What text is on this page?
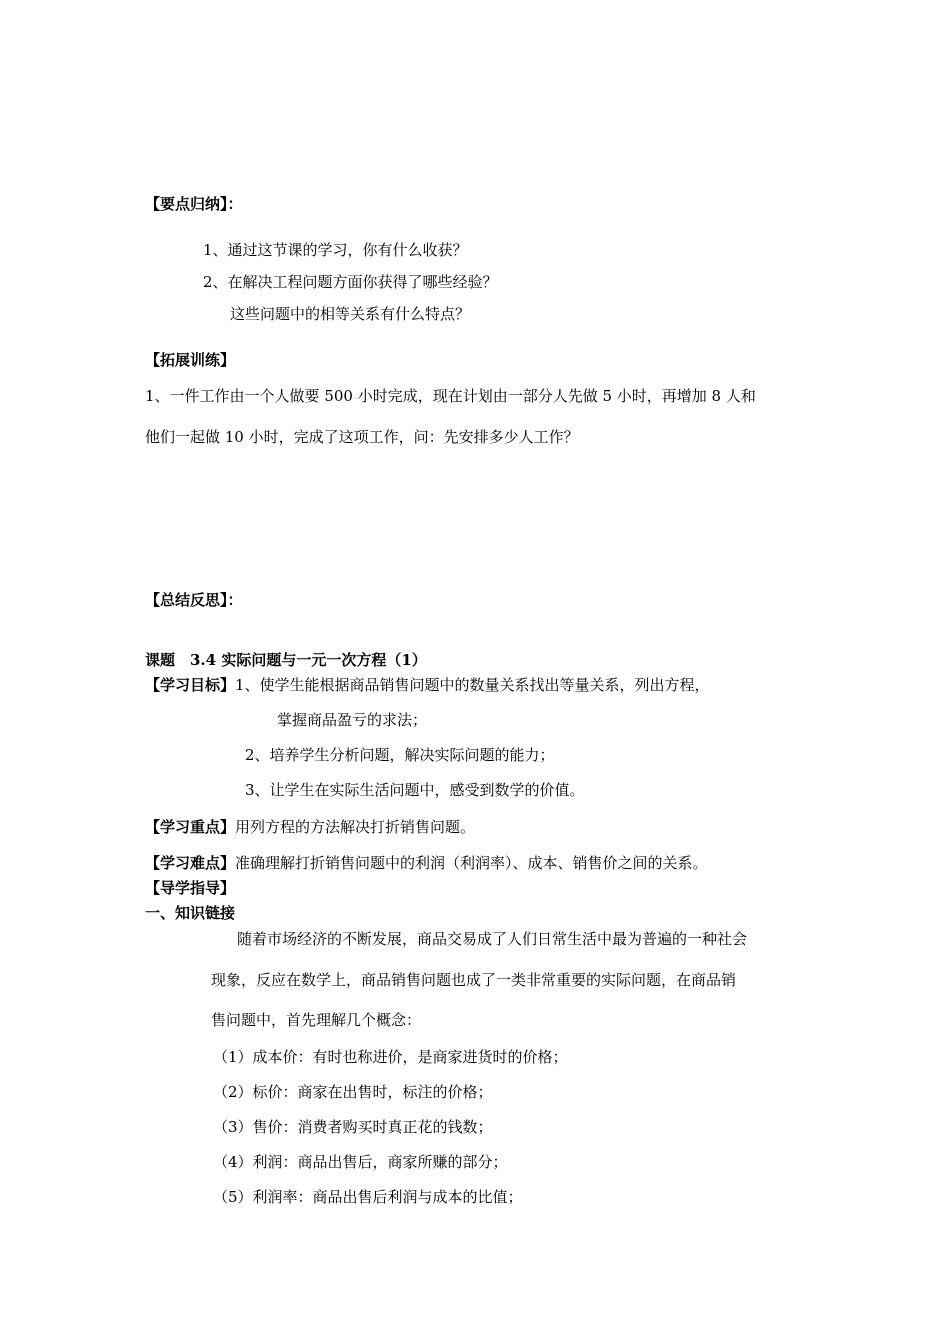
【要点归纳】：
1、通过这节课的学习，你有什么收获？
2、在解决工程问题方面你获得了哪些经验？
这些问题中的相等关系有什么特点？
【拓展训练】
1、一件工作由一个人做要 500 小时完成，现在计划由一部分人先做 5 小时，再增加 8 人和
他们一起做 10 小时，完成了这项工作，问：先安排多少人工作？
【总结反思】：
课题　3.4 实际问题与一元一次方程（1）
【学习目标】1、使学生能根据商品销售问题中的数量关系找出等量关系，列出方程，
掌握商品盈亏的求法；
2、培养学生分析问题，解决实际问题的能力；
3、让学生在实际生活问题中，感受到数学的价值。
【学习重点】用列方程的方法解决打折销售问题。
【学习难点】准确理解打折销售问题中的利润（利润率）、成本、销售价之间的关系。
【导学指导】
一、知识链接
随着市场经济的不断发展，商品交易成了人们日常生活中最为普遍的一种社会
现象，反应在数学上，商品销售问题也成了一类非常重要的实际问题，在商品销
售问题中，首先理解几个概念：
（1）成本价：有时也称进价，是商家进货时的价格；
（2）标价：商家在出售时，标注的价格；
（3）售价：消费者购买时真正花的钱数；
（4）利润：商品出售后，商家所赚的部分；
（5）利润率：商品出售后利润与成本的比值；
